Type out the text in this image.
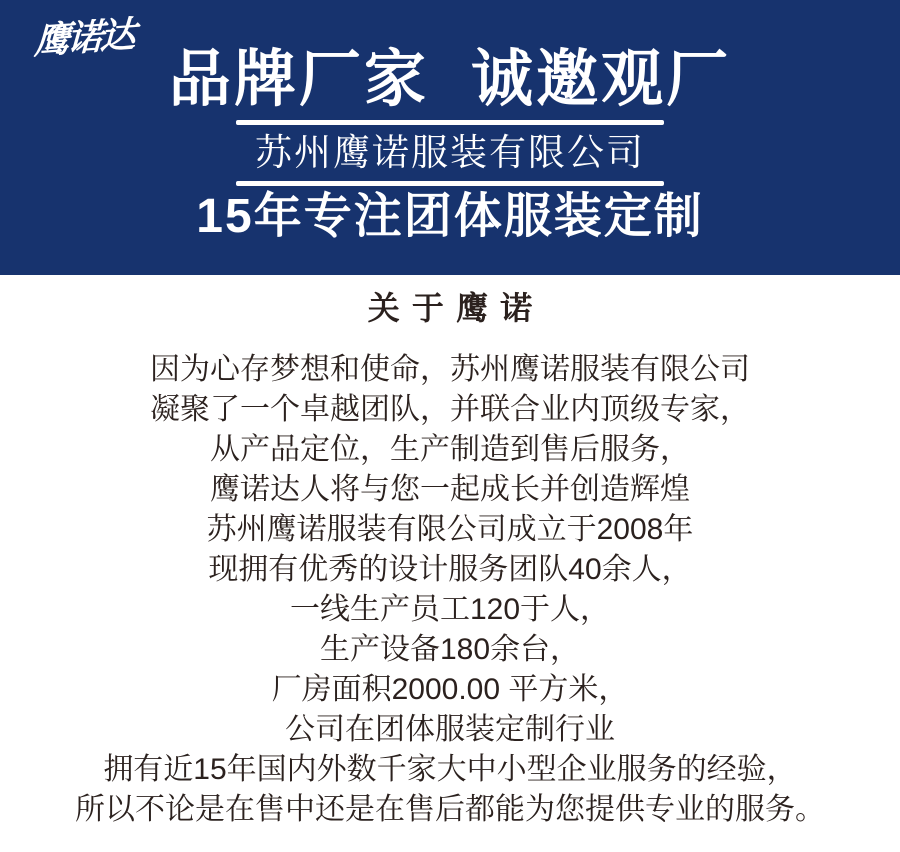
鹰诺达
品牌厂家 诚邀观厂
苏州鹰诺服装有限公司
15年专注团体服装定制
关于鹰诺
因为心存梦想和使命，苏州鹰诺服装有限公司
凝聚了一个卓越团队，并联合业内顶级专家，
从产品定位，生产制造到售后服务，
鹰诺达人将与您一起成长并创造辉煌
苏州鹰诺服装有限公司成立于2008年
现拥有优秀的设计服务团队40余人，
一线生产员工120于人，
生产设备180余台，
厂房面积2000.00 平方米，
公司在团体服装定制行业
拥有近15年国内外数千家大中小型企业服务的经验，
所以不论是在售中还是在售后都能为您提供专业的服务。
